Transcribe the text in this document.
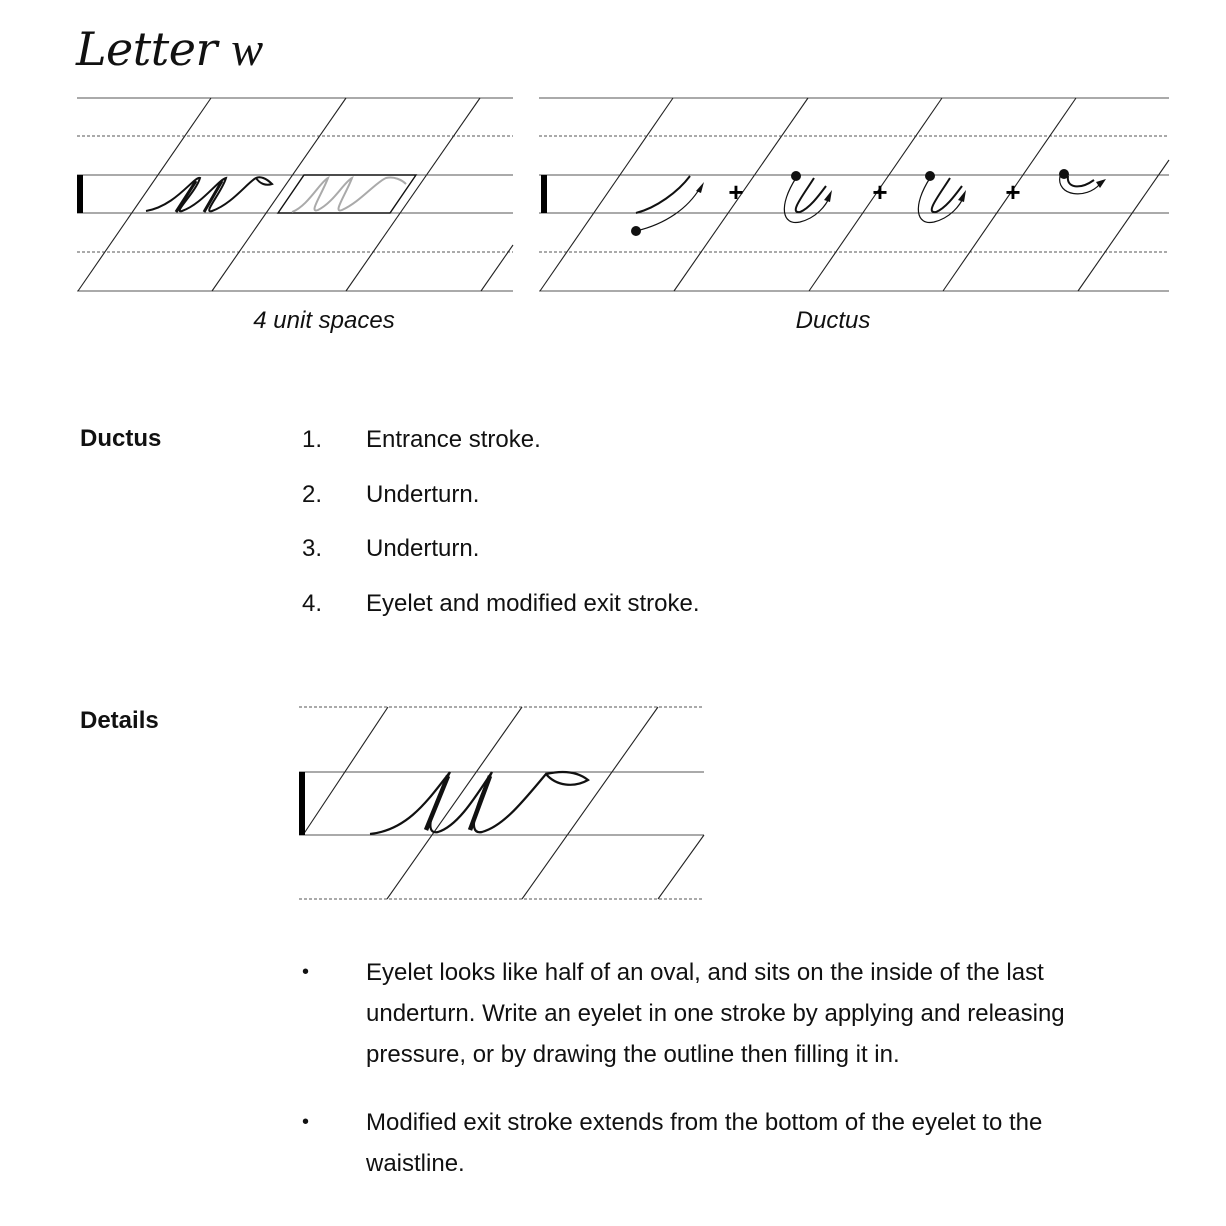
Letter w

4 unit spaces

+	+	+

Ductus

Ductus	1. Entrance stroke.
2. Underturn.
3. Underturn.
4. Eyelet and modified exit stroke.
Details
• Eyelet looks like half of an oval, and sits on the inside of the last underturn. Write an eyelet in one stroke by applying and releasing pressure, or by drawing the outline then filling it in.
• Modified exit stroke extends from the bottom of the eyelet to the waistline.
